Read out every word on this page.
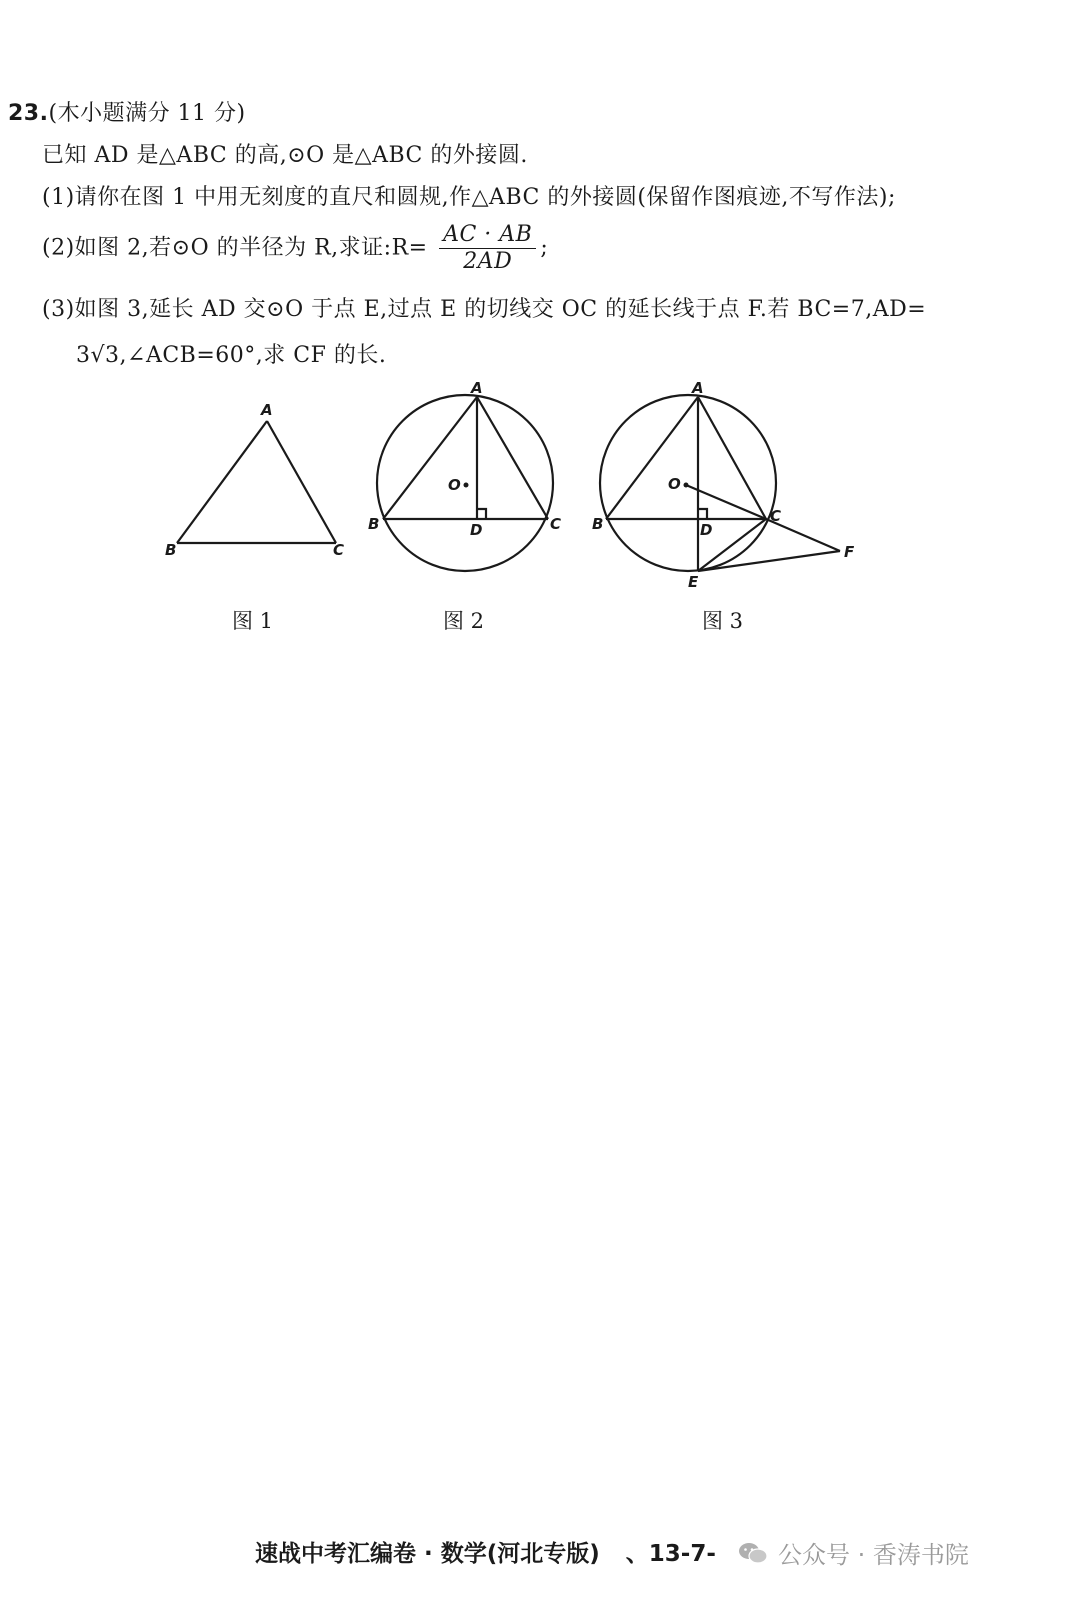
23.(木小题满分 11 分)
已知 AD 是△ABC 的高,⊙O 是△ABC 的外接圆.
(1)请你在图 1 中用无刻度的直尺和圆规,作△ABC 的外接圆(保留作图痕迹,不写作法);
(2)如图 2,若⊙O 的半径为 R,求证:R= $\frac{AC \cdot AB}{2AD}$ ;
(3)如图 3,延长 AD 交⊙O 于点 E,过点 E 的切线交 OC 的延长线于点 F.若 BC=7,AD=
3√3,∠ACB=60°,求 CF 的长.
A
B	C
A
B	C
D
O
A
B	C
D
O
E
F
图 1	图 2	图 3
速战中考汇编卷 · 数学(河北专版) 、13-7-	公众号 · 香涛书院
